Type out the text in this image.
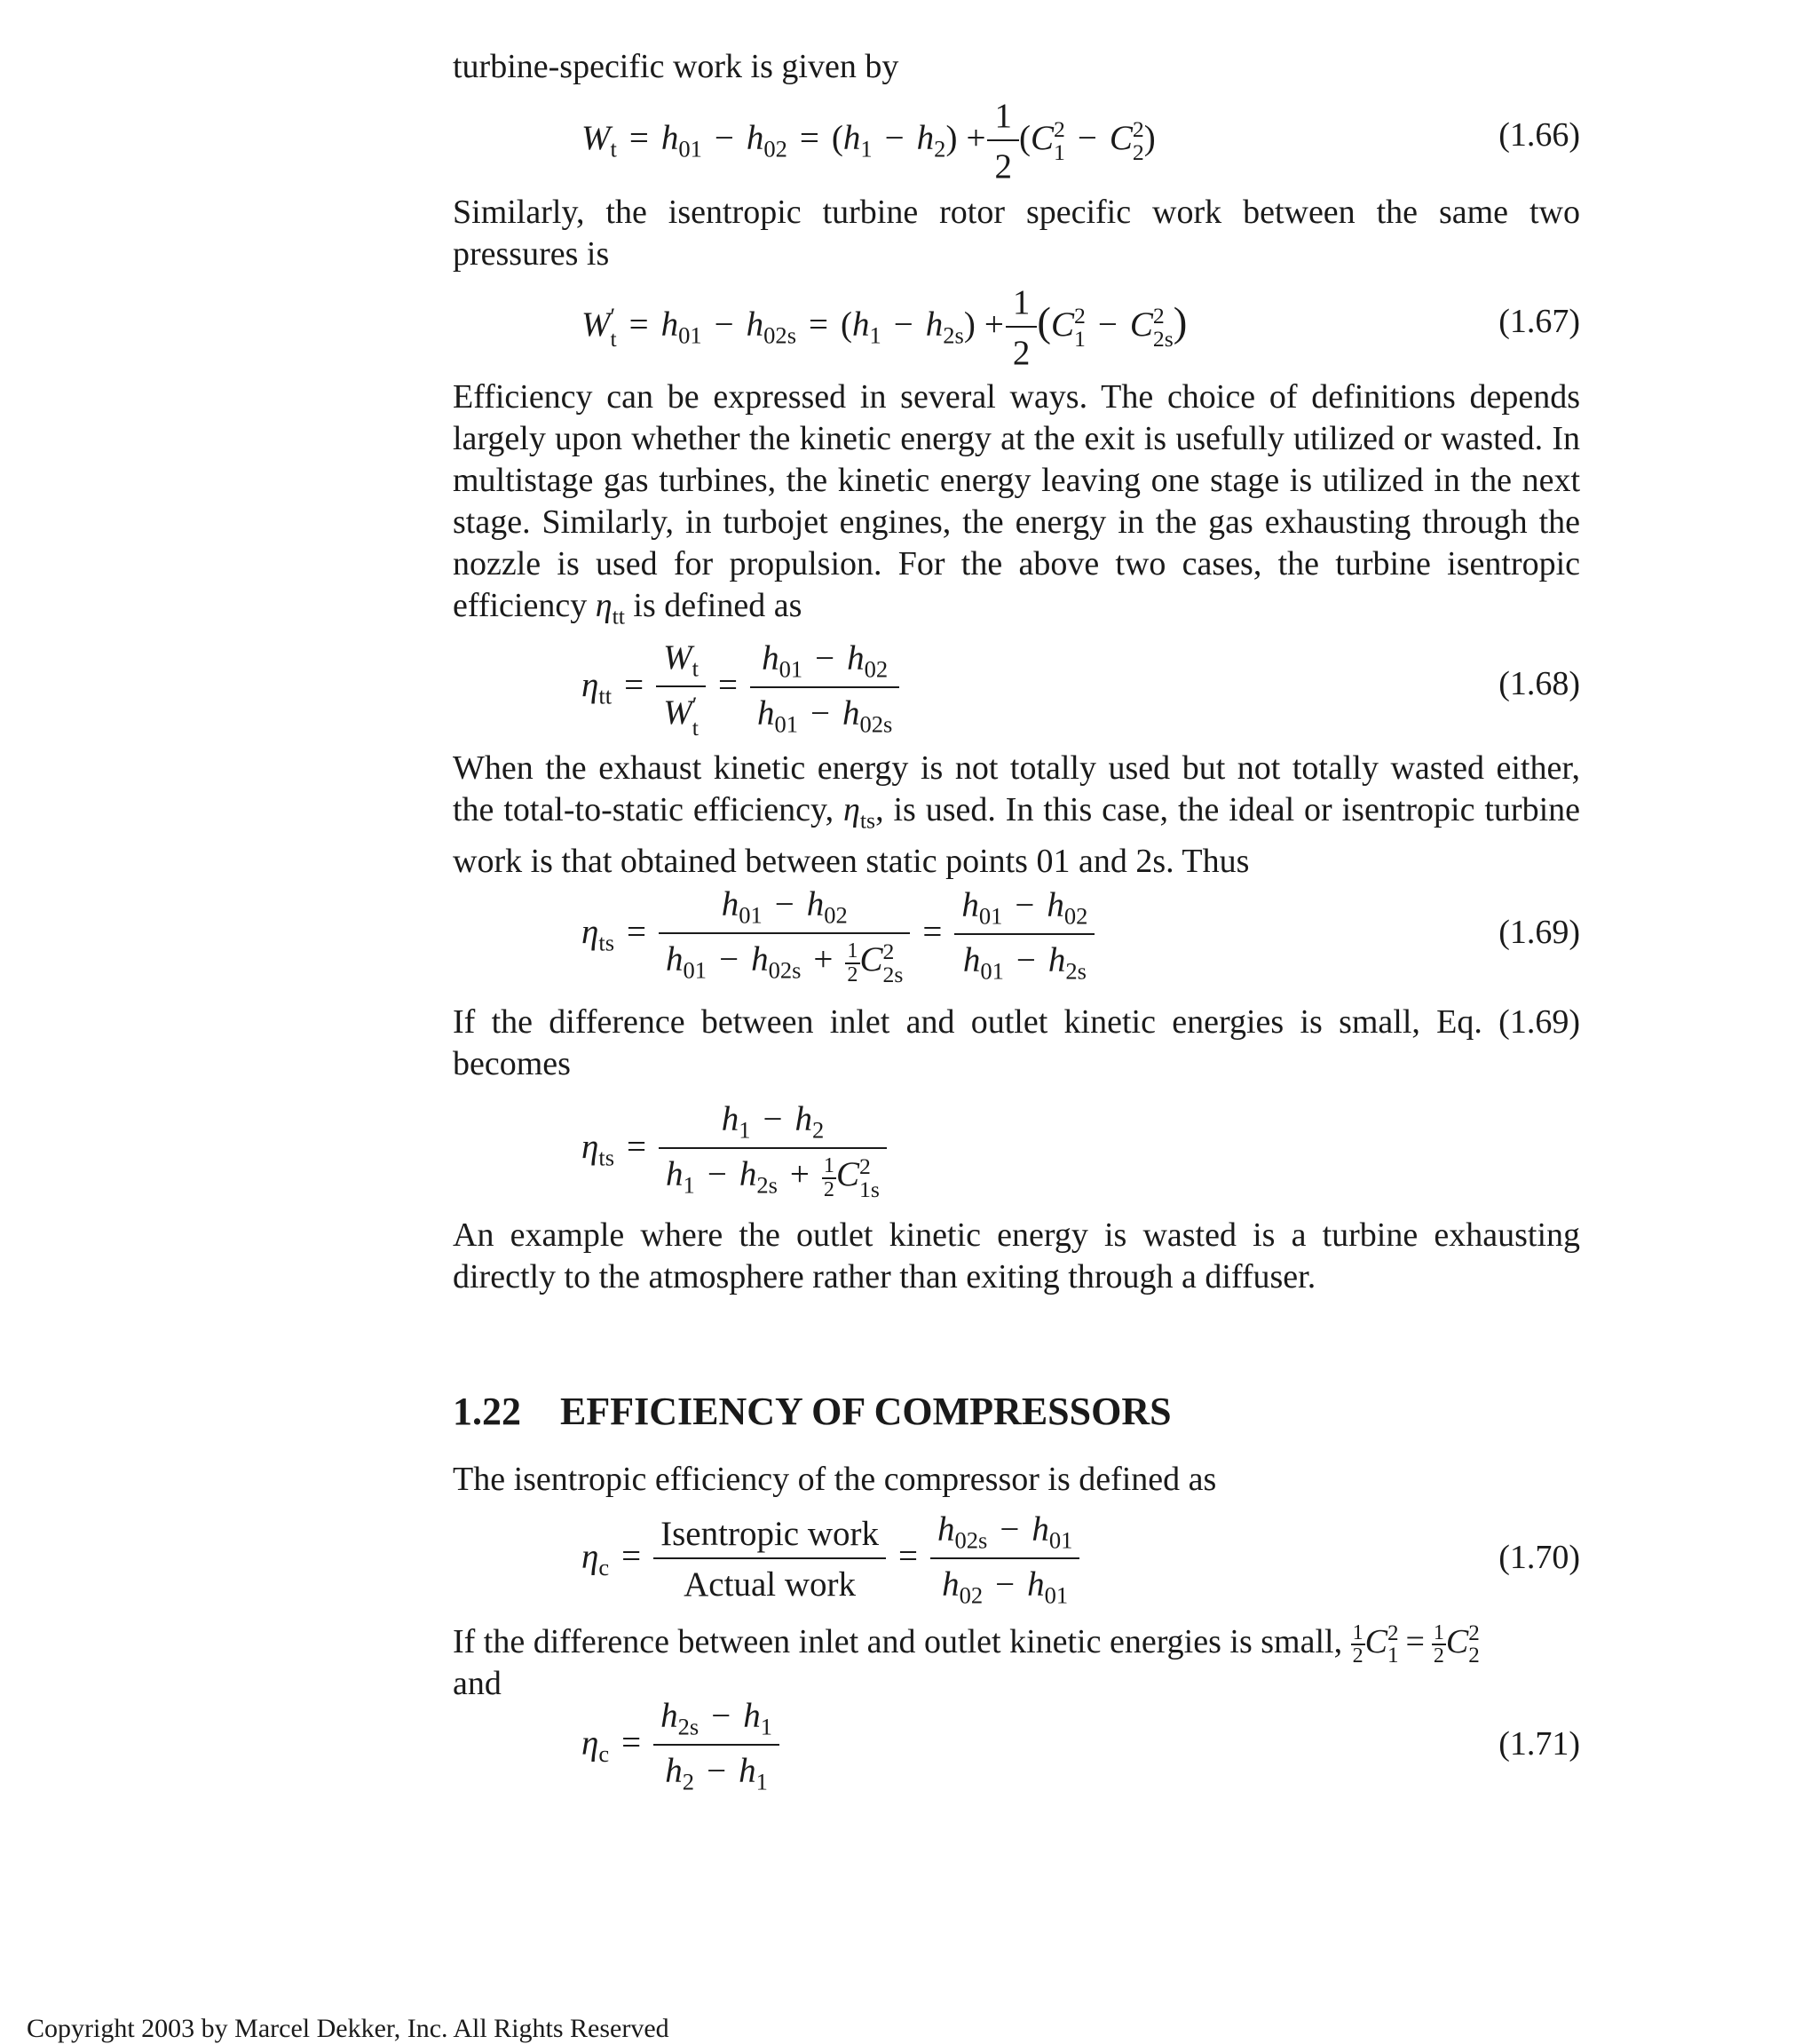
turbine-specific work is given by

$W_t = h_{01} - h_{02} = (h_1 - h_2) + \frac{1}{2} (C$ 2
1 − C 2
2 )	(1.66)

Similarly, the isentropic turbine rotor specific work between the same two

pressures is

W ′
$t = h_{01} - h_{02s} = (h_1 - h_{2s}) + \frac{1}{2} (C$ 2
1 − C 2
2s )	(1.67)

Efficiency can be expressed in several ways. The choice of definitions depends largely upon whether the kinetic energy at the exit is usefully utilized or wasted. In multistage gas turbines, the kinetic energy leaving one stage is utilized in the next stage. Similarly, in turbojet engines, the energy in the gas exhausting through the nozzle is used for propulsion. For the above two cases, the turbine isentropic efficiency $\eta_{tt}$ is defined as

$\eta_{tt} = W_t$
W ′
$t = \frac{h_{01} - h_{02}}{h_{01} - h_{02s}}$	(1.68)

When the exhaust kinetic energy is not totally used but not totally wasted either, the total-to-static efficiency, $\eta_{ts}$, is used. In this case, the ideal or isentropic turbine work is that obtained between static points 01 and 2s. Thus

$\eta_{ts} = h_{01} - h_{02}$
$h_{01} - h_{02s} + \frac{1}{2}$ C 2
$2s = \frac{h_{01} - h_{02}}{h_{01} - h_{2s}}$	(1.69)

If the difference between inlet and outlet kinetic energies is small, Eq. (1.69)

becomes

$\eta_{ts} = h_1 - h_2$
$h_1 - h_{2s} + \frac{1}{2}$ C 2
1s

An example where the outlet kinetic energy is wasted is a turbine exhausting directly to the atmosphere rather than exiting through a diffuser.

1.22 EFFICIENCY OF COMPRESSORS

The isentropic efficiency of the compressor is defined as

$\eta_c = \frac{\text{Isentropic work}}{\text{Actual work}} = \frac{h_{02s} - h_{01}}{h_{02} - h_{01}}$	(1.70)

If the difference between inlet and outlet kinetic energies is small, $\frac{1}{2}$ C 2
$1 = \frac{1}{2}$ C 2
2

and

$\eta_c = \frac{h_{2s} - h_1}{h_2 - h_1}$	(1.71)
Copyright 2003 by Marcel Dekker, Inc. All Rights Reserved
